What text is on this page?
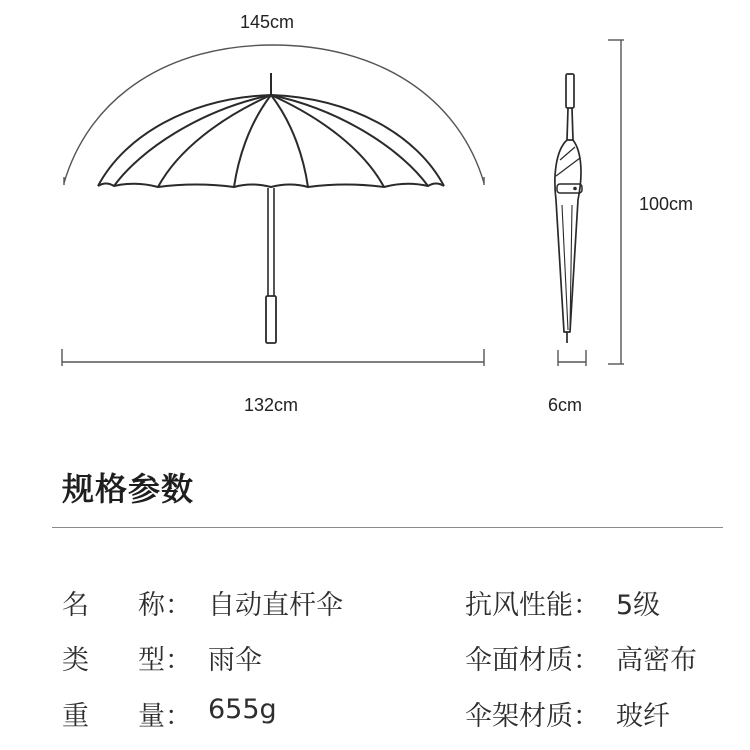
145cm
132cm
100cm
6cm
规格参数
名 称： 自动直杆伞	抗风性能： 5级
类 型： 雨伞	伞面材质： 高密布
重 量： 655g	伞架材质： 玻纤
